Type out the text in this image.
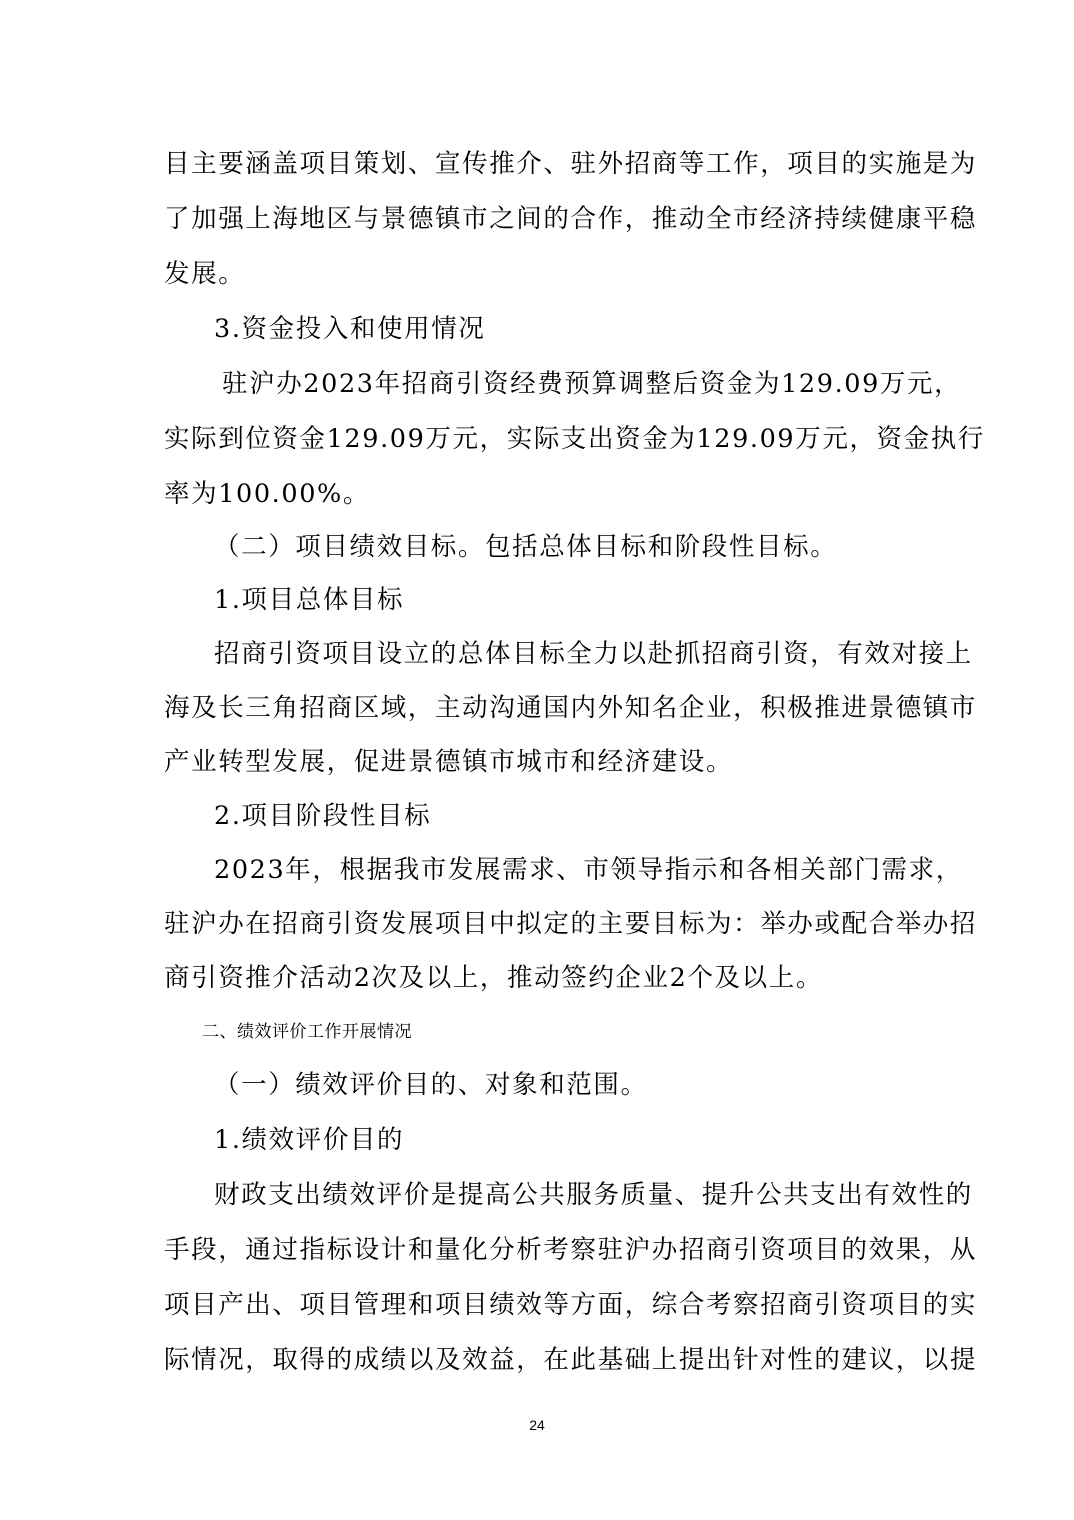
目主要涵盖项目策划、宣传推介、驻外招商等工作，项目的实施是为
了加强上海地区与景德镇市之间的合作，推动全市经济持续健康平稳
发展。
3.资金投入和使用情况
驻沪办2023年招商引资经费预算调整后资金为129.09万元，
实际到位资金129.09万元，实际支出资金为129.09万元，资金执行
率为100.00%。
（二）项目绩效目标。包括总体目标和阶段性目标。
1.项目总体目标
招商引资项目设立的总体目标全力以赴抓招商引资，有效对接上
海及长三角招商区域，主动沟通国内外知名企业，积极推进景德镇市
产业转型发展，促进景德镇市城市和经济建设。
2.项目阶段性目标
2023年，根据我市发展需求、市领导指示和各相关部门需求，
驻沪办在招商引资发展项目中拟定的主要目标为：举办或配合举办招
商引资推介活动2次及以上，推动签约企业2个及以上。
二、绩效评价工作开展情况
（一）绩效评价目的、对象和范围。
1.绩效评价目的
财政支出绩效评价是提高公共服务质量、提升公共支出有效性的
手段，通过指标设计和量化分析考察驻沪办招商引资项目的效果，从
项目产出、项目管理和项目绩效等方面，综合考察招商引资项目的实
际情况，取得的成绩以及效益，在此基础上提出针对性的建议，以提
24
